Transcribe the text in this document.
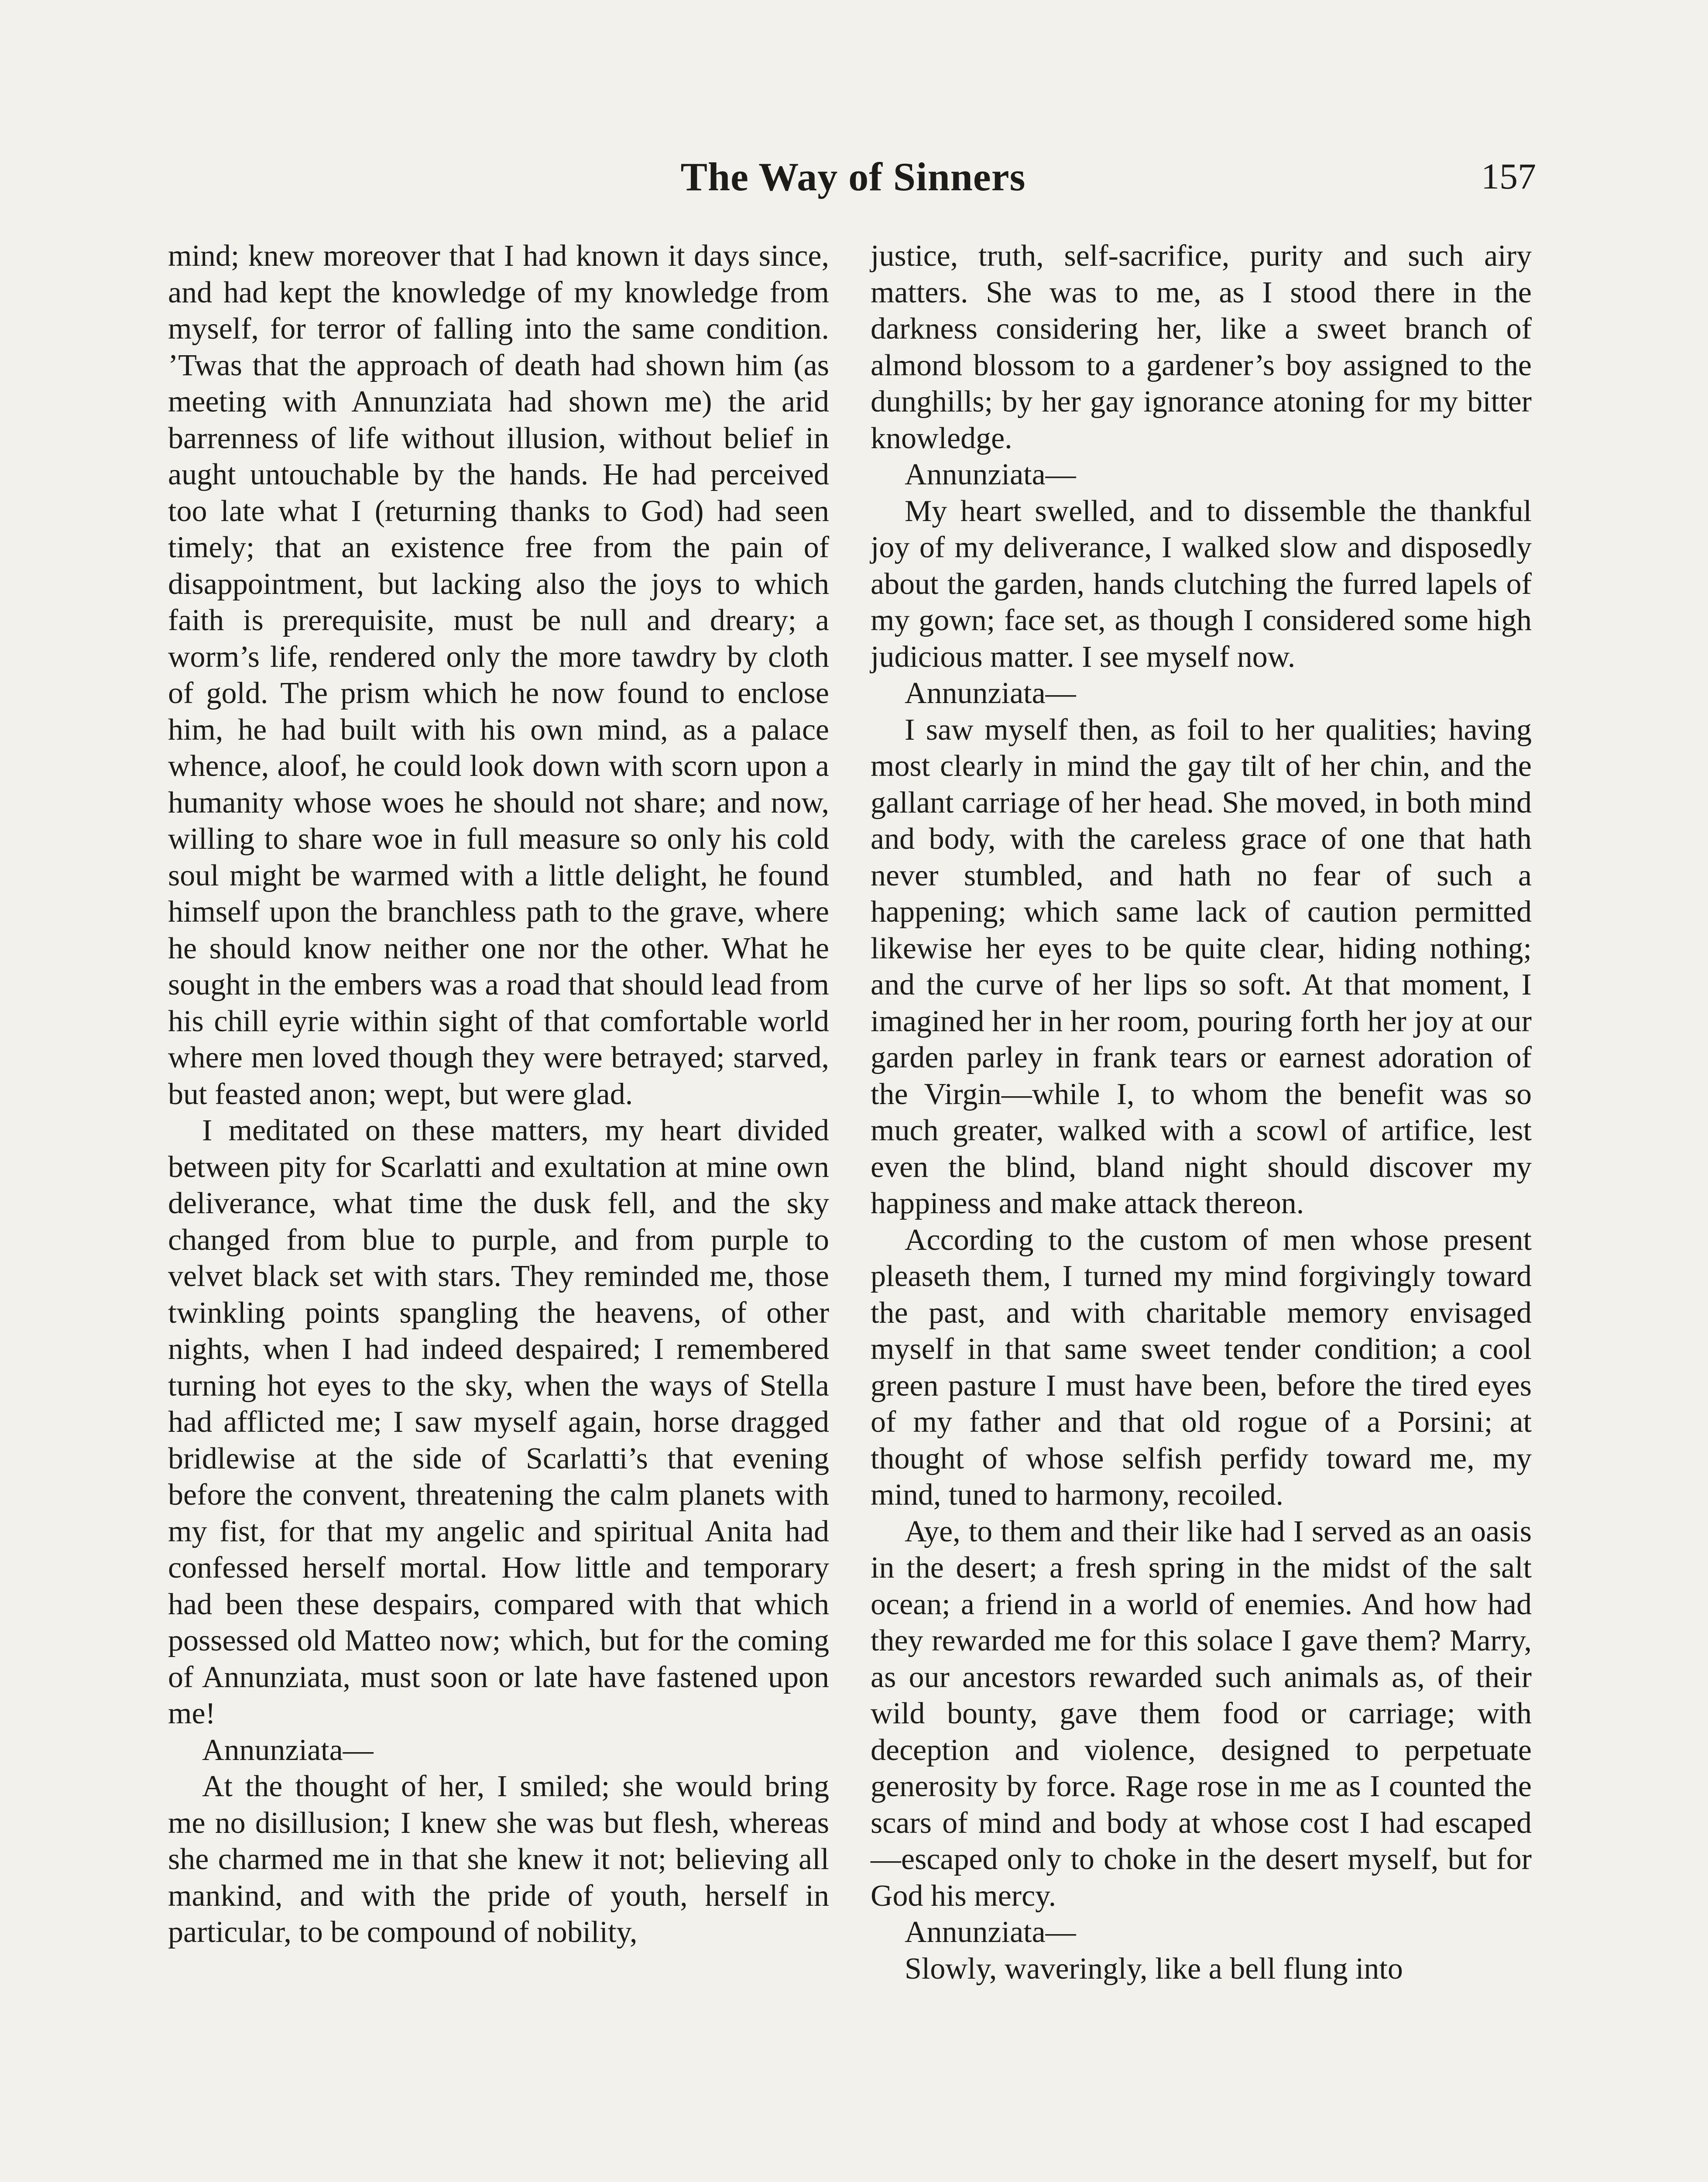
The Way of Sinners	157

mind; knew moreover that I had known it days since, and had kept the knowledge of my knowledge from myself, for terror of falling into the same condition. ’Twas that the approach of death had shown him (as meeting with Annunziata had shown me) the arid barrenness of life without illusion, without belief in aught untouchable by the hands. He had perceived too late what I (returning thanks to God) had seen timely; that an existence free from the pain of disappointment, but lacking also the joys to which faith is prerequisite, must be null and dreary; a worm’s life, rendered only the more tawdry by cloth of gold. The prism which he now found to enclose him, he had built with his own mind, as a palace whence, aloof, he could look down with scorn upon a humanity whose woes he should not share; and now, willing to share woe in full measure so only his cold soul might be warmed with a little delight, he found himself upon the branchless path to the grave, where he should know neither one nor the other. What he sought in the embers was a road that should lead from his chill eyrie within sight of that comfortable world where men loved though they were betrayed; starved, but feasted anon; wept, but were glad.

I meditated on these matters, my heart divided between pity for Scarlatti and exultation at mine own deliverance, what time the dusk fell, and the sky changed from blue to purple, and from purple to velvet black set with stars. They reminded me, those twinkling points spangling the heavens, of other nights, when I had indeed despaired; I remembered turning hot eyes to the sky, when the ways of Stella had afflicted me; I saw myself again, horse dragged bridlewise at the side of Scarlatti’s that evening before the convent, threatening the calm planets with my fist, for that my angelic and spiritual Anita had confessed herself mortal. How little and temporary had been these despairs, compared with that which possessed old Matteo now; which, but for the coming of Annunziata, must soon or late have fastened upon me!

Annunziata—

At the thought of her, I smiled; she would bring me no disillusion; I knew she was but flesh, whereas she charmed me in that she knew it not; believing all mankind, and with the pride of youth, herself in particular, to be compound of nobility,

justice, truth, self-sacrifice, purity and such airy matters. She was to me, as I stood there in the darkness considering her, like a sweet branch of almond blossom to a gardener’s boy assigned to the dunghills; by her gay ignorance atoning for my bitter knowledge.

Annunziata—

My heart swelled, and to dissemble the thankful joy of my deliverance, I walked slow and disposedly about the garden, hands clutching the furred lapels of my gown; face set, as though I considered some high judicious matter. I see myself now.

Annunziata—

I saw myself then, as foil to her qualities; having most clearly in mind the gay tilt of her chin, and the gallant carriage of her head. She moved, in both mind and body, with the careless grace of one that hath never stumbled, and hath no fear of such a happening; which same lack of caution permitted likewise her eyes to be quite clear, hiding nothing; and the curve of her lips so soft. At that moment, I imagined her in her room, pouring forth her joy at our garden parley in frank tears or earnest adoration of the Virgin—while I, to whom the benefit was so much greater, walked with a scowl of artifice, lest even the blind, bland night should discover my happiness and make attack thereon.

According to the custom of men whose present pleaseth them, I turned my mind forgivingly toward the past, and with charitable memory envisaged myself in that same sweet tender condition; a cool green pasture I must have been, before the tired eyes of my father and that old rogue of a Porsini; at thought of whose selfish perfidy toward me, my mind, tuned to harmony, recoiled.

Aye, to them and their like had I served as an oasis in the desert; a fresh spring in the midst of the salt ocean; a friend in a world of enemies. And how had they rewarded me for this solace I gave them? Marry, as our ancestors rewarded such animals as, of their wild bounty, gave them food or carriage; with deception and violence, designed to perpetuate generosity by force. Rage rose in me as I counted the scars of mind and body at whose cost I had escaped—escaped only to choke in the desert myself, but for God his mercy.

Annunziata—

Slowly, waveringly, like a bell flung into
